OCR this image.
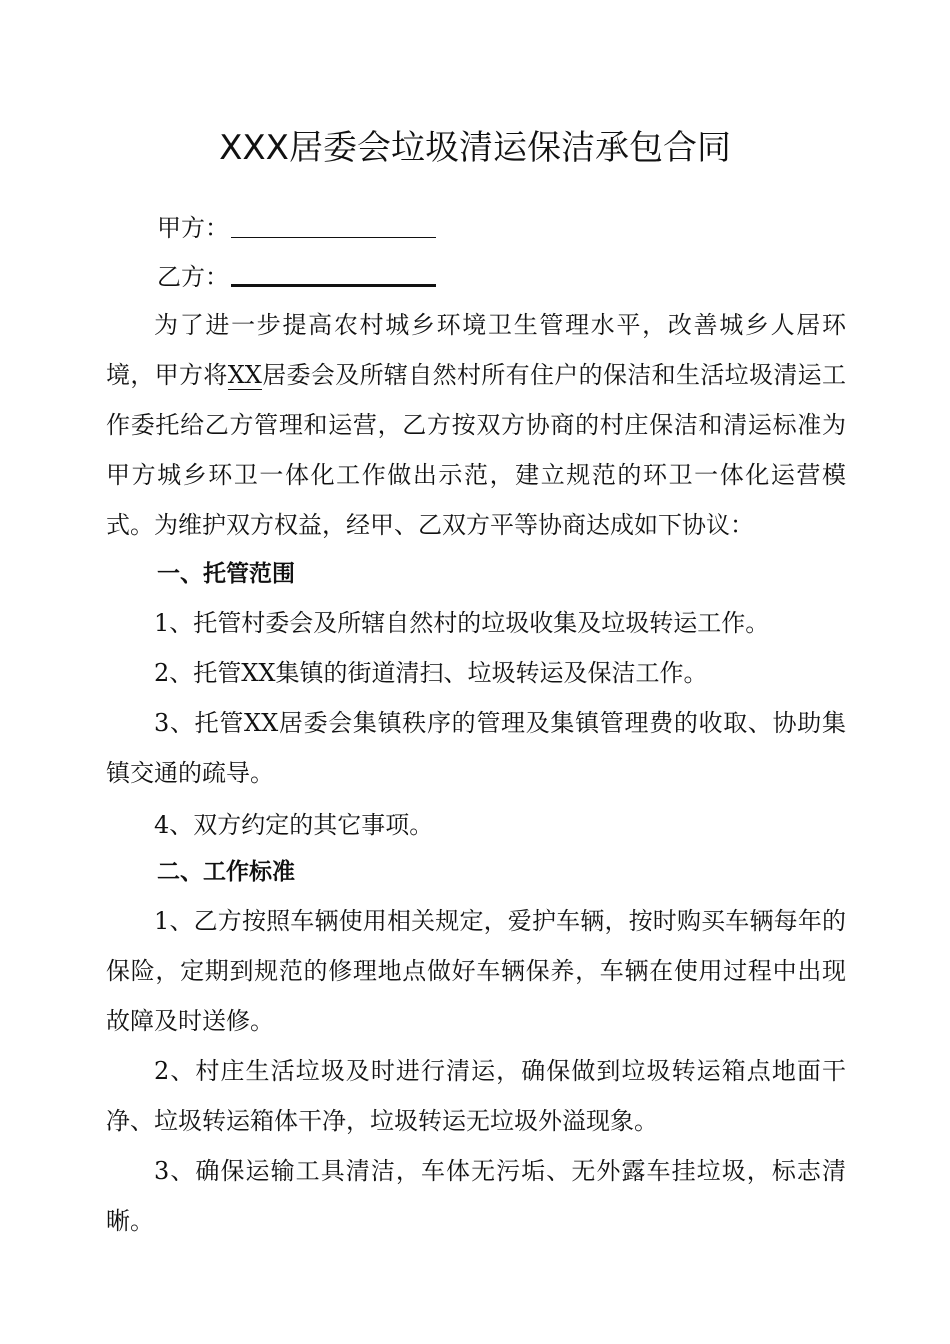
XXX居委会垃圾清运保洁承包合同
甲方：
乙方：
为了进一步提高农村城乡环境卫生管理水平，改善城乡人居环境，甲方将XX居委会及所辖自然村所有住户的保洁和生活垃圾清运工作委托给乙方管理和运营，乙方按双方协商的村庄保洁和清运标准为甲方城乡环卫一体化工作做出示范，建立规范的环卫一体化运营模式。为维护双方权益，经甲、乙双方平等协商达成如下协议：
一、托管范围
1、托管村委会及所辖自然村的垃圾收集及垃圾转运工作。
2、托管XX集镇的街道清扫、垃圾转运及保洁工作。
3、托管XX居委会集镇秩序的管理及集镇管理费的收取、协助集镇交通的疏导。
4、双方约定的其它事项。
二、工作标准
1、乙方按照车辆使用相关规定，爱护车辆，按时购买车辆每年的保险，定期到规范的修理地点做好车辆保养，车辆在使用过程中出现故障及时送修。
2、村庄生活垃圾及时进行清运，确保做到垃圾转运箱点地面干净、垃圾转运箱体干净，垃圾转运无垃圾外溢现象。
3、确保运输工具清洁，车体无污垢、无外露车挂垃圾，标志清晰。
